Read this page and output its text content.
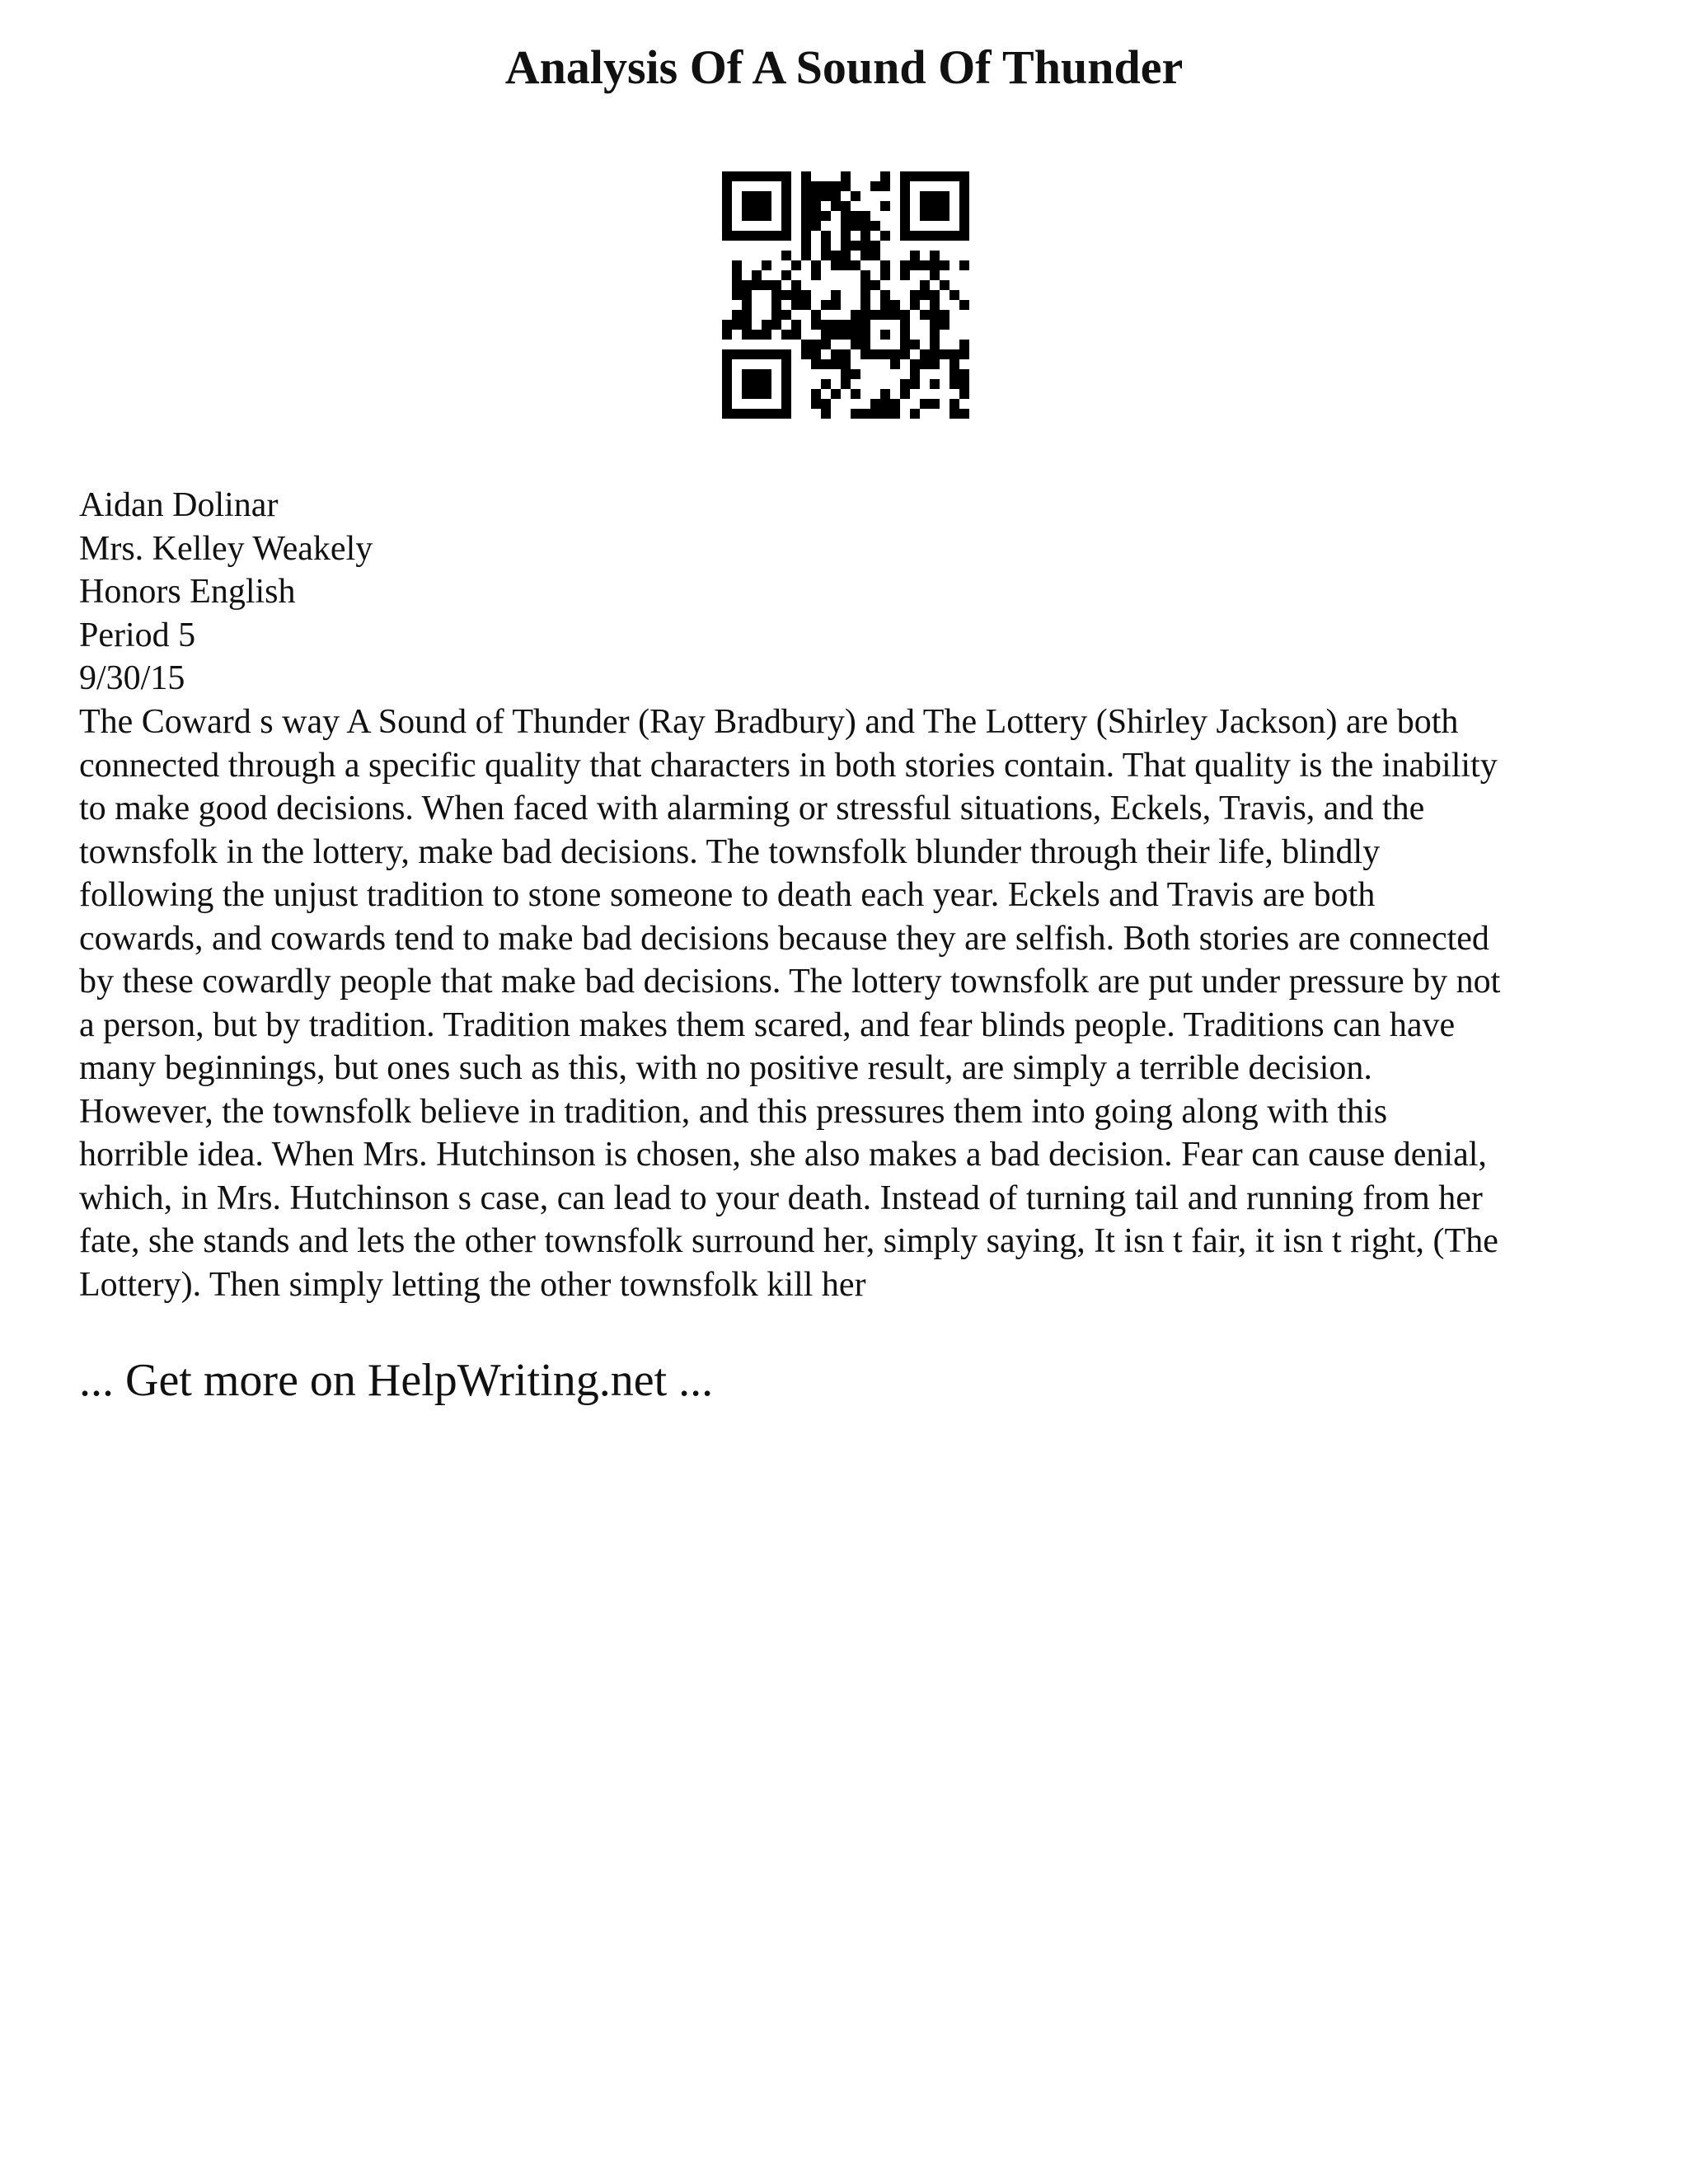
Analysis Of A Sound Of Thunder
Aidan Dolinar
Mrs. Kelley Weakely
Honors English
Period 5
9/30/15
The Coward s way A Sound of Thunder (Ray Bradbury) and The Lottery (Shirley Jackson) are both
connected through a specific quality that characters in both stories contain. That quality is the inability
to make good decisions. When faced with alarming or stressful situations, Eckels, Travis, and the
townsfolk in the lottery, make bad decisions. The townsfolk blunder through their life, blindly
following the unjust tradition to stone someone to death each year. Eckels and Travis are both
cowards, and cowards tend to make bad decisions because they are selfish. Both stories are connected
by these cowardly people that make bad decisions. The lottery townsfolk are put under pressure by not
a person, but by tradition. Tradition makes them scared, and fear blinds people. Traditions can have
many beginnings, but ones such as this, with no positive result, are simply a terrible decision.
However, the townsfolk believe in tradition, and this pressures them into going along with this
horrible idea. When Mrs. Hutchinson is chosen, she also makes a bad decision. Fear can cause denial,
which, in Mrs. Hutchinson s case, can lead to your death. Instead of turning tail and running from her
fate, she stands and lets the other townsfolk surround her, simply saying, It isn t fair, it isn t right, (The
Lottery). Then simply letting the other townsfolk kill her
... Get more on HelpWriting.net ...
